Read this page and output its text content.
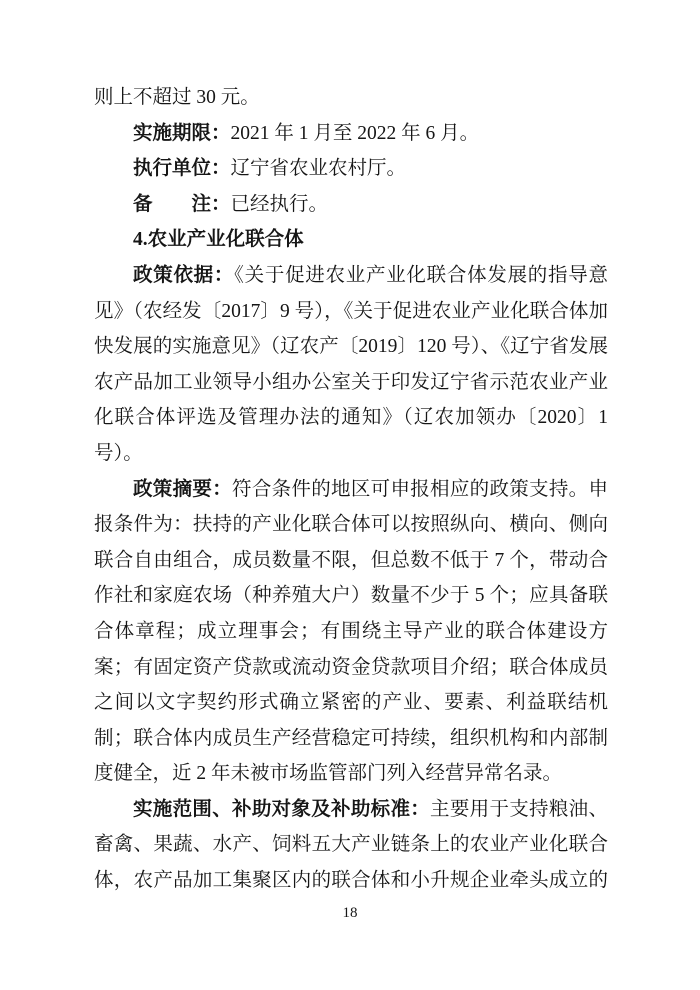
则上不超过 30 元。

实施期限：2021 年 1 月至 2022 年 6 月。

执行单位：辽宁省农业农村厅。

备　　注：已经执行。

4.农业产业化联合体

政策依据：《关于促进农业产业化联合体发展的指导意见》（农经发〔2017〕9 号），《关于促进农业产业化联合体加快发展的实施意见》（辽农产〔2019〕120 号）、《辽宁省发展农产品加工业领导小组办公室关于印发辽宁省示范农业产业化联合体评选及管理办法的通知》（辽农加领办〔2020〕1 号）。

政策摘要：符合条件的地区可申报相应的政策支持。申报条件为：扶持的产业化联合体可以按照纵向、横向、侧向联合自由组合，成员数量不限，但总数不低于 7 个，带动合作社和家庭农场（种养殖大户）数量不少于 5 个；应具备联合体章程；成立理事会；有围绕主导产业的联合体建设方案；有固定资产贷款或流动资金贷款项目介绍；联合体成员之间以文字契约形式确立紧密的产业、要素、利益联结机制；联合体内成员生产经营稳定可持续，组织机构和内部制度健全，近 2 年未被市场监管部门列入经营异常名录。

实施范围、补助对象及补助标准：主要用于支持粮油、畜禽、果蔬、水产、饲料五大产业链条上的农业产业化联合体，农产品加工集聚区内的联合体和小升规企业牵头成立的

18
